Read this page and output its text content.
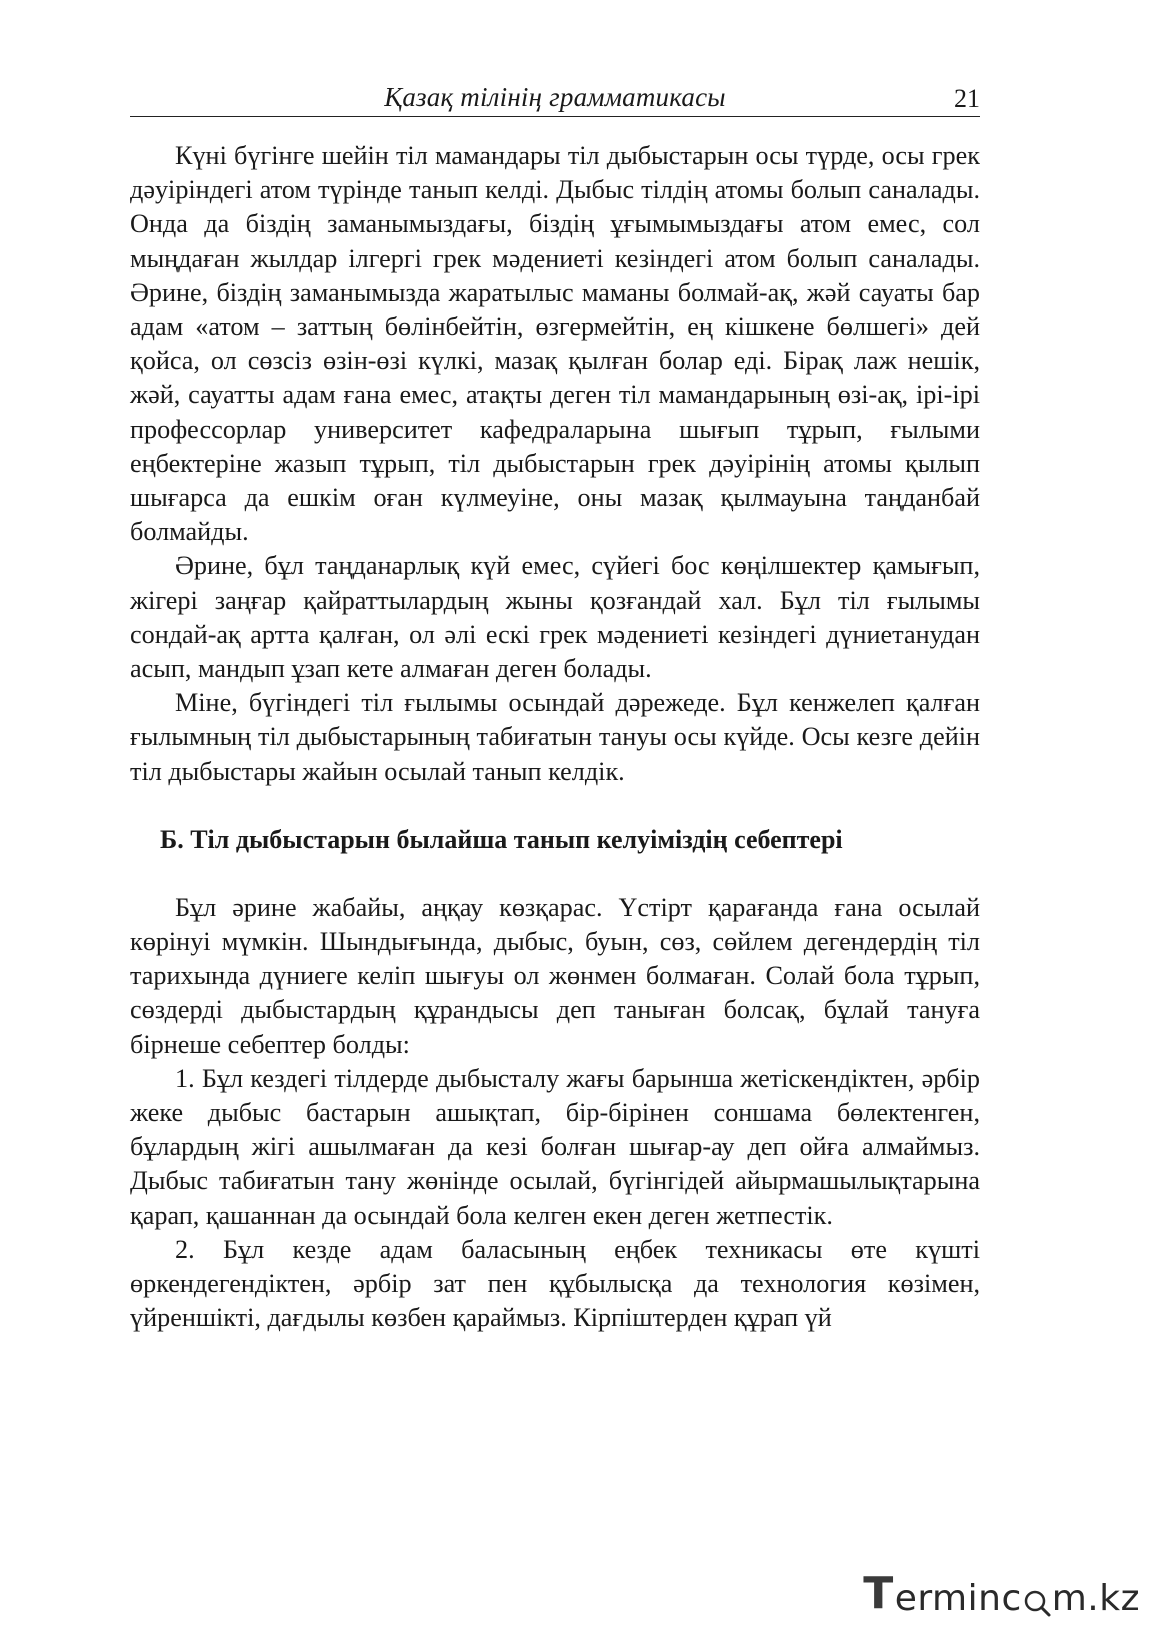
Қазақ тілінің грамматикасы	21

Күні бүгінге шейін тіл мамандары тіл дыбыстарын осы түрде, осы грек дәуіріндегі атом түрінде танып келді. Дыбыс тілдің атомы болып саналады. Онда да біздің заманымыздағы, біздің ұғымымыздағы атом емес, сол мыңдаған жылдар ілгергі грек мәдениеті кезіндегі атом болып саналады. Әрине, біздің заманымызда жаратылыс маманы болмай-ақ, жәй сауаты бар адам «атом – заттың бөлінбейтін, өзгермейтін, ең кішкене бөлшегі» дей қойса, ол сөзсіз өзін-өзі күлкі, мазақ қылған болар еді. Бірақ лаж нешік, жәй, сауатты адам ғана емес, атақты деген тіл мамандарының өзі-ақ, ірі-ірі профессорлар университет кафедраларына шығып тұрып, ғылыми еңбектеріне жазып тұрып, тіл дыбыстарын грек дәуірінің атомы қылып шығарса да ешкім оған күлмеуіне, оны мазақ қылмауына таңданбай болмайды.

Әрине, бұл таңданарлық күй емес, сүйегі бос көңілшектер қамығып, жігері заңғар қайраттылардың жыны қозғандай хал. Бұл тіл ғылымы сондай-ақ артта қалған, ол әлі ескі грек мәдениеті кезіндегі дүниетанудан асып, мандып ұзап кете алмаған деген болады.

Міне, бүгіндегі тіл ғылымы осындай дәрежеде. Бұл кенжелеп қалған ғылымның тіл дыбыстарының табиғатын тануы осы күйде. Осы кезге дейін тіл дыбыстары жайын осылай танып келдік.

Б. Тіл дыбыстарын былайша танып келуіміздің себептері

Бұл әрине жабайы, аңқау көзқарас. Үстірт қарағанда ғана осылай көрінуі мүмкін. Шындығында, дыбыс, буын, сөз, сөйлем дегендердің тіл тарихында дүниеге келіп шығуы ол жөнмен болмаған. Солай бола тұрып, сөздерді дыбыстардың құрандысы деп таныған болсақ, бұлай тануға бірнеше себептер болды:

1. Бұл кездегі тілдерде дыбысталу жағы барынша жетіскендіктен, әрбір жеке дыбыс бастарын ашықтап, бір-бірінен соншама бөлектенген, бұлардың жігі ашылмаған да кезі болған шығар-ау деп ойға алмаймыз. Дыбыс табиғатын тану жөнінде осылай, бүгінгідей айырмашылықтарына қарап, қашаннан да осындай бола келген екен деген жетпестік.

2. Бұл кезде адам баласының еңбек техникасы өте күшті өркендегендіктен, әрбір зат пен құбылысқа да технология көзімен, үйреншікті, дағдылы көзбен қараймыз. Кірпіштерден құрап үй

T erminc m.kz
